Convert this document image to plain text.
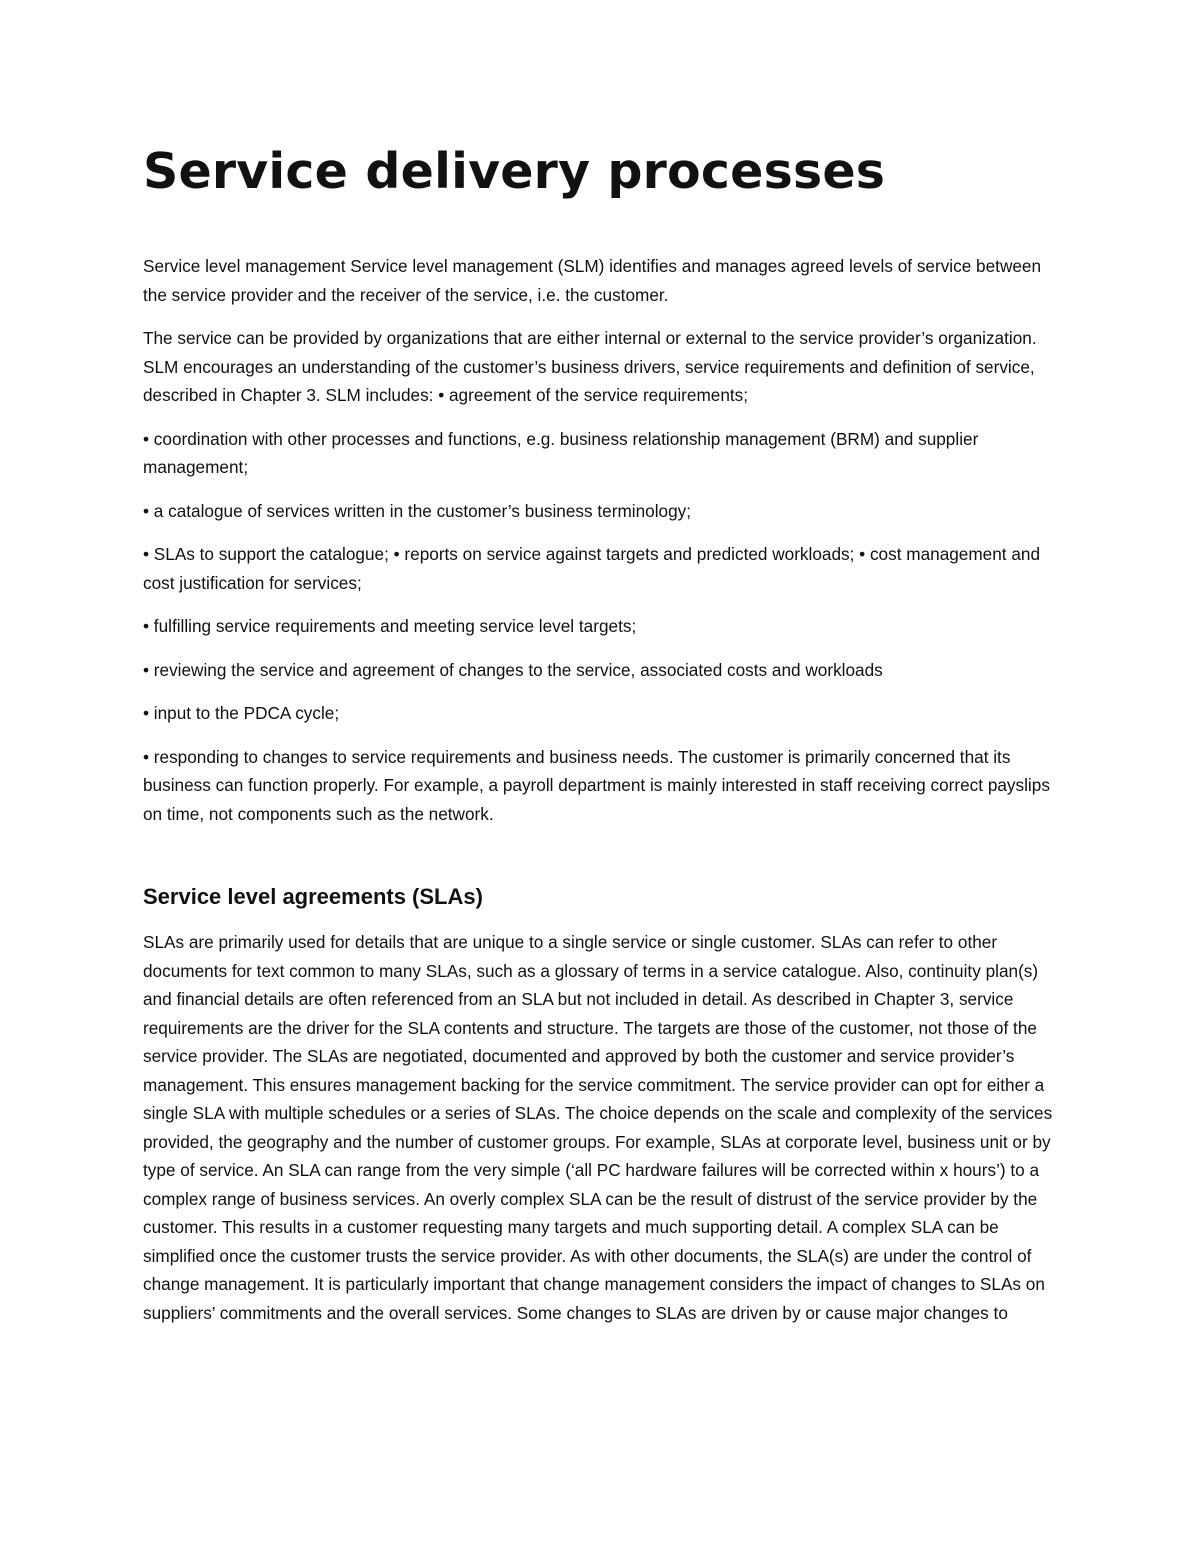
Service delivery processes

Service level management Service level management (SLM) identifies and manages agreed levels of service between the service provider and the receiver of the service, i.e. the customer.

The service can be provided by organizations that are either internal or external to the service provider’s organization. SLM encourages an understanding of the customer’s business drivers, service requirements and definition of service, described in Chapter 3. SLM includes: • agreement of the service requirements;

• coordination with other processes and functions, e.g. business relationship management (BRM) and supplier management;

• a catalogue of services written in the customer’s business terminology;

• SLAs to support the catalogue; • reports on service against targets and predicted workloads; • cost management and cost justification for services;

• fulfilling service requirements and meeting service level targets;

• reviewing the service and agreement of changes to the service, associated costs and workloads

• input to the PDCA cycle;

• responding to changes to service requirements and business needs. The customer is primarily concerned that its business can function properly. For example, a payroll department is mainly interested in staff receiving correct payslips on time, not components such as the network.

Service level agreements (SLAs)

SLAs are primarily used for details that are unique to a single service or single customer. SLAs can refer to other documents for text common to many SLAs, such as a glossary of terms in a service catalogue. Also, continuity plan(s) and financial details are often referenced from an SLA but not included in detail. As described in Chapter 3, service requirements are the driver for the SLA contents and structure. The targets are those of the customer, not those of the service provider. The SLAs are negotiated, documented and approved by both the customer and service provider’s management. This ensures management backing for the service commitment. The service provider can opt for either a single SLA with multiple schedules or a series of SLAs. The choice depends on the scale and complexity of the services provided, the geography and the number of customer groups. For example, SLAs at corporate level, business unit or by type of service. An SLA can range from the very simple (‘all PC hardware failures will be corrected within x hours’) to a complex range of business services. An overly complex SLA can be the result of distrust of the service provider by the customer. This results in a customer requesting many targets and much supporting detail. A complex SLA can be simplified once the customer trusts the service provider. As with other documents, the SLA(s) are under the control of change management. It is particularly important that change management considers the impact of changes to SLAs on suppliers’ commitments and the overall services. Some changes to SLAs are driven by or cause major changes to
